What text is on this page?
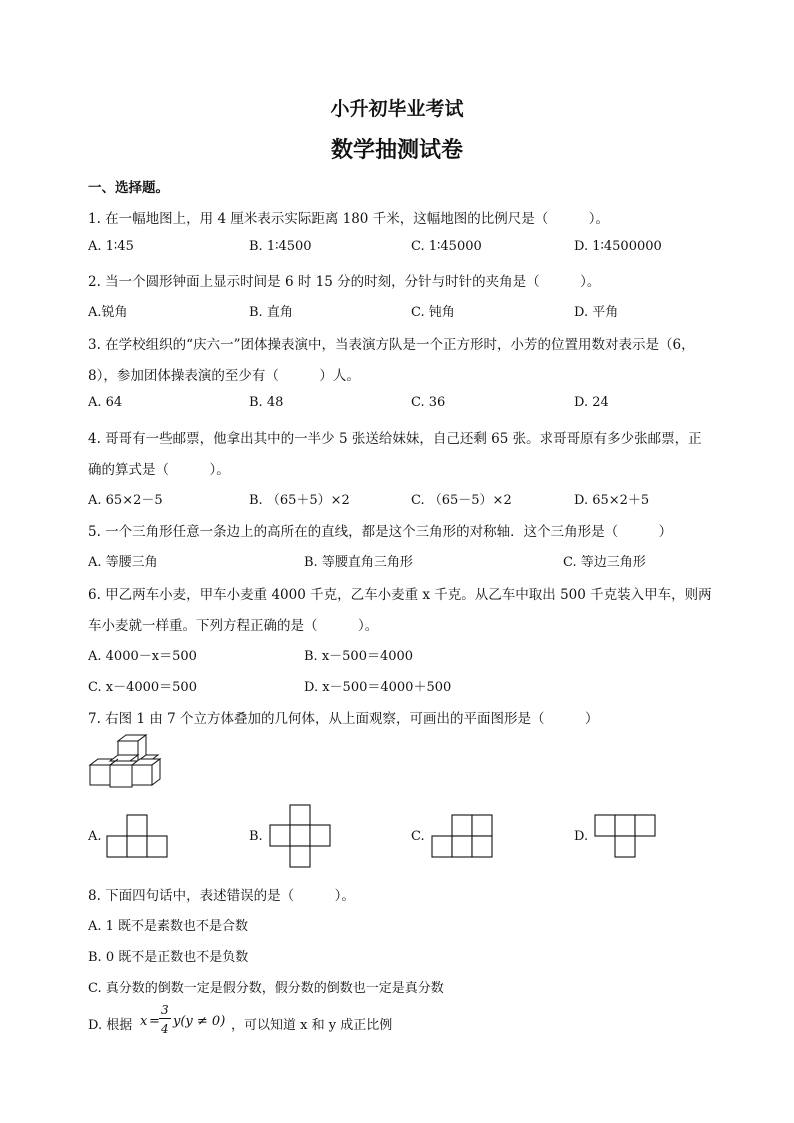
小升初毕业考试
数学抽测试卷
一、选择题。
1. 在一幅地图上，用 4 厘米表示实际距离 180 千米，这幅地图的比例尺是（　　　）。
A. 1∶45	B. 1∶4500	C. 1∶45000	D. 1∶4500000
2. 当一个圆形钟面上显示时间是 6 时 15 分的时刻，分针与时针的夹角是（　　　）。
A.锐角	B. 直角	C. 钝角	D. 平角
3. 在学校组织的“庆六一”团体操表演中，当表演方队是一个正方形时，小芳的位置用数对表示是（6，
8），参加团体操表演的至少有（　　　）人。
A. 64	B. 48	C. 36	D. 24
4. 哥哥有一些邮票，他拿出其中的一半少 5 张送给妹妹，自己还剩 65 张。求哥哥原有多少张邮票，正
确的算式是（　　　）。
A. 65×2－5	B. （65＋5）×2	C. （65－5）×2	D. 65×2＋5
5. 一个三角形任意一条边上的高所在的直线，都是这个三角形的对称轴．这个三角形是（　　　）
A. 等腰三角	B. 等腰直角三角形	C. 等边三角形
6. 甲乙两车小麦，甲车小麦重 4000 千克，乙车小麦重 x 千克。从乙车中取出 500 千克装入甲车，则两
车小麦就一样重。下列方程正确的是（　　　）。
A. 4000－x＝500	B. x－500＝4000
C. x－4000＝500	D. x－500＝4000＋500
7. 右图 1 由 7 个立方体叠加的几何体，从上面观察，可画出的平面图形是（　　　）
A.	B.	C.	D.
8. 下面四句话中，表述错误的是（　　　）。
A. 1 既不是素数也不是合数
B. 0 既不是正数也不是负数
C. 真分数的倒数一定是假分数，假分数的倒数也一定是真分数
D. 根据 x =
3
4 y(y ≠ 0) ，可以知道 x 和 y 成正比例
